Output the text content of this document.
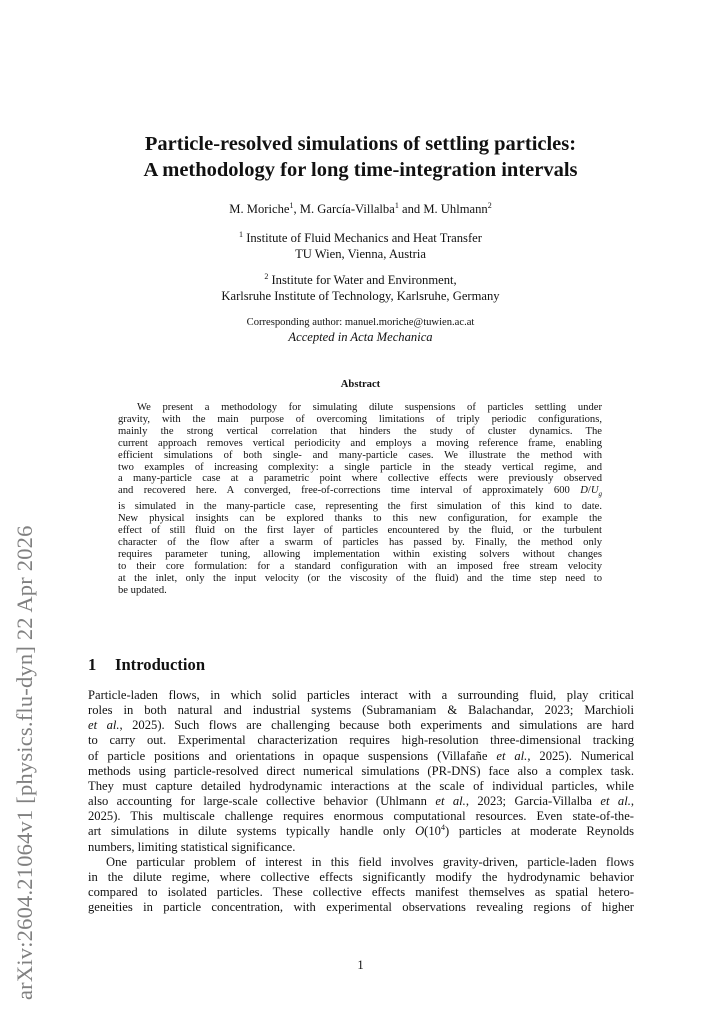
arXiv:2604.21064v1 [physics.flu-dyn] 22 Apr 2026
Particle-resolved simulations of settling particles:
A methodology for long time-integration intervals
M. Moriche$^1$, M. García-Villalba$^1$ and M. Uhlmann$^2$
$^1$ Institute of Fluid Mechanics and Heat Transfer
TU Wien, Vienna, Austria
$^2$ Institute for Water and Environment,
Karlsruhe Institute of Technology, Karlsruhe, Germany
Corresponding author: manuel.moriche@tuwien.ac.at
Accepted in Acta Mechanica
Abstract
We present a methodology for simulating dilute suspensions of particles settling under
gravity, with the main purpose of overcoming limitations of triply periodic configurations,
mainly the strong vertical correlation that hinders the study of cluster dynamics. The
current approach removes vertical periodicity and employs a moving reference frame, enabling
efficient simulations of both single- and many-particle cases. We illustrate the method with
two examples of increasing complexity: a single particle in the steady vertical regime, and
a many-particle case at a parametric point where collective effects were previously observed
and recovered here. A converged, free-of-corrections time interval of approximately 600 $D/U_g$
is simulated in the many-particle case, representing the first simulation of this kind to date.
New physical insights can be explored thanks to this new configuration, for example the
effect of still fluid on the first layer of particles encountered by the fluid, or the turbulent
character of the flow after a swarm of particles has passed by. Finally, the method only
requires parameter tuning, allowing implementation within existing solvers without changes
to their core formulation: for a standard configuration with an imposed free stream velocity
at the inlet, only the input velocity (or the viscosity of the fluid) and the time step need to
be updated.
1 Introduction
Particle-laden flows, in which solid particles interact with a surrounding fluid, play critical
roles in both natural and industrial systems (Subramaniam & Balachandar, 2023; Marchioli
et al., 2025). Such flows are challenging because both experiments and simulations are hard
to carry out. Experimental characterization requires high-resolution three-dimensional tracking
of particle positions and orientations in opaque suspensions (Villafañe et al., 2025). Numerical
methods using particle-resolved direct numerical simulations (PR-DNS) face also a complex task.
They must capture detailed hydrodynamic interactions at the scale of individual particles, while
also accounting for large-scale collective behavior (Uhlmann et al., 2023; Garcia-Villalba et al.,
2025). This multiscale challenge requires enormous computational resources. Even state-of-the-
art simulations in dilute systems typically handle only $O(10^4)$ particles at moderate Reynolds
numbers, limiting statistical significance.
One particular problem of interest in this field involves gravity-driven, particle-laden flows
in the dilute regime, where collective effects significantly modify the hydrodynamic behavior
compared to isolated particles. These collective effects manifest themselves as spatial hetero-
geneities in particle concentration, with experimental observations revealing regions of higher
1
